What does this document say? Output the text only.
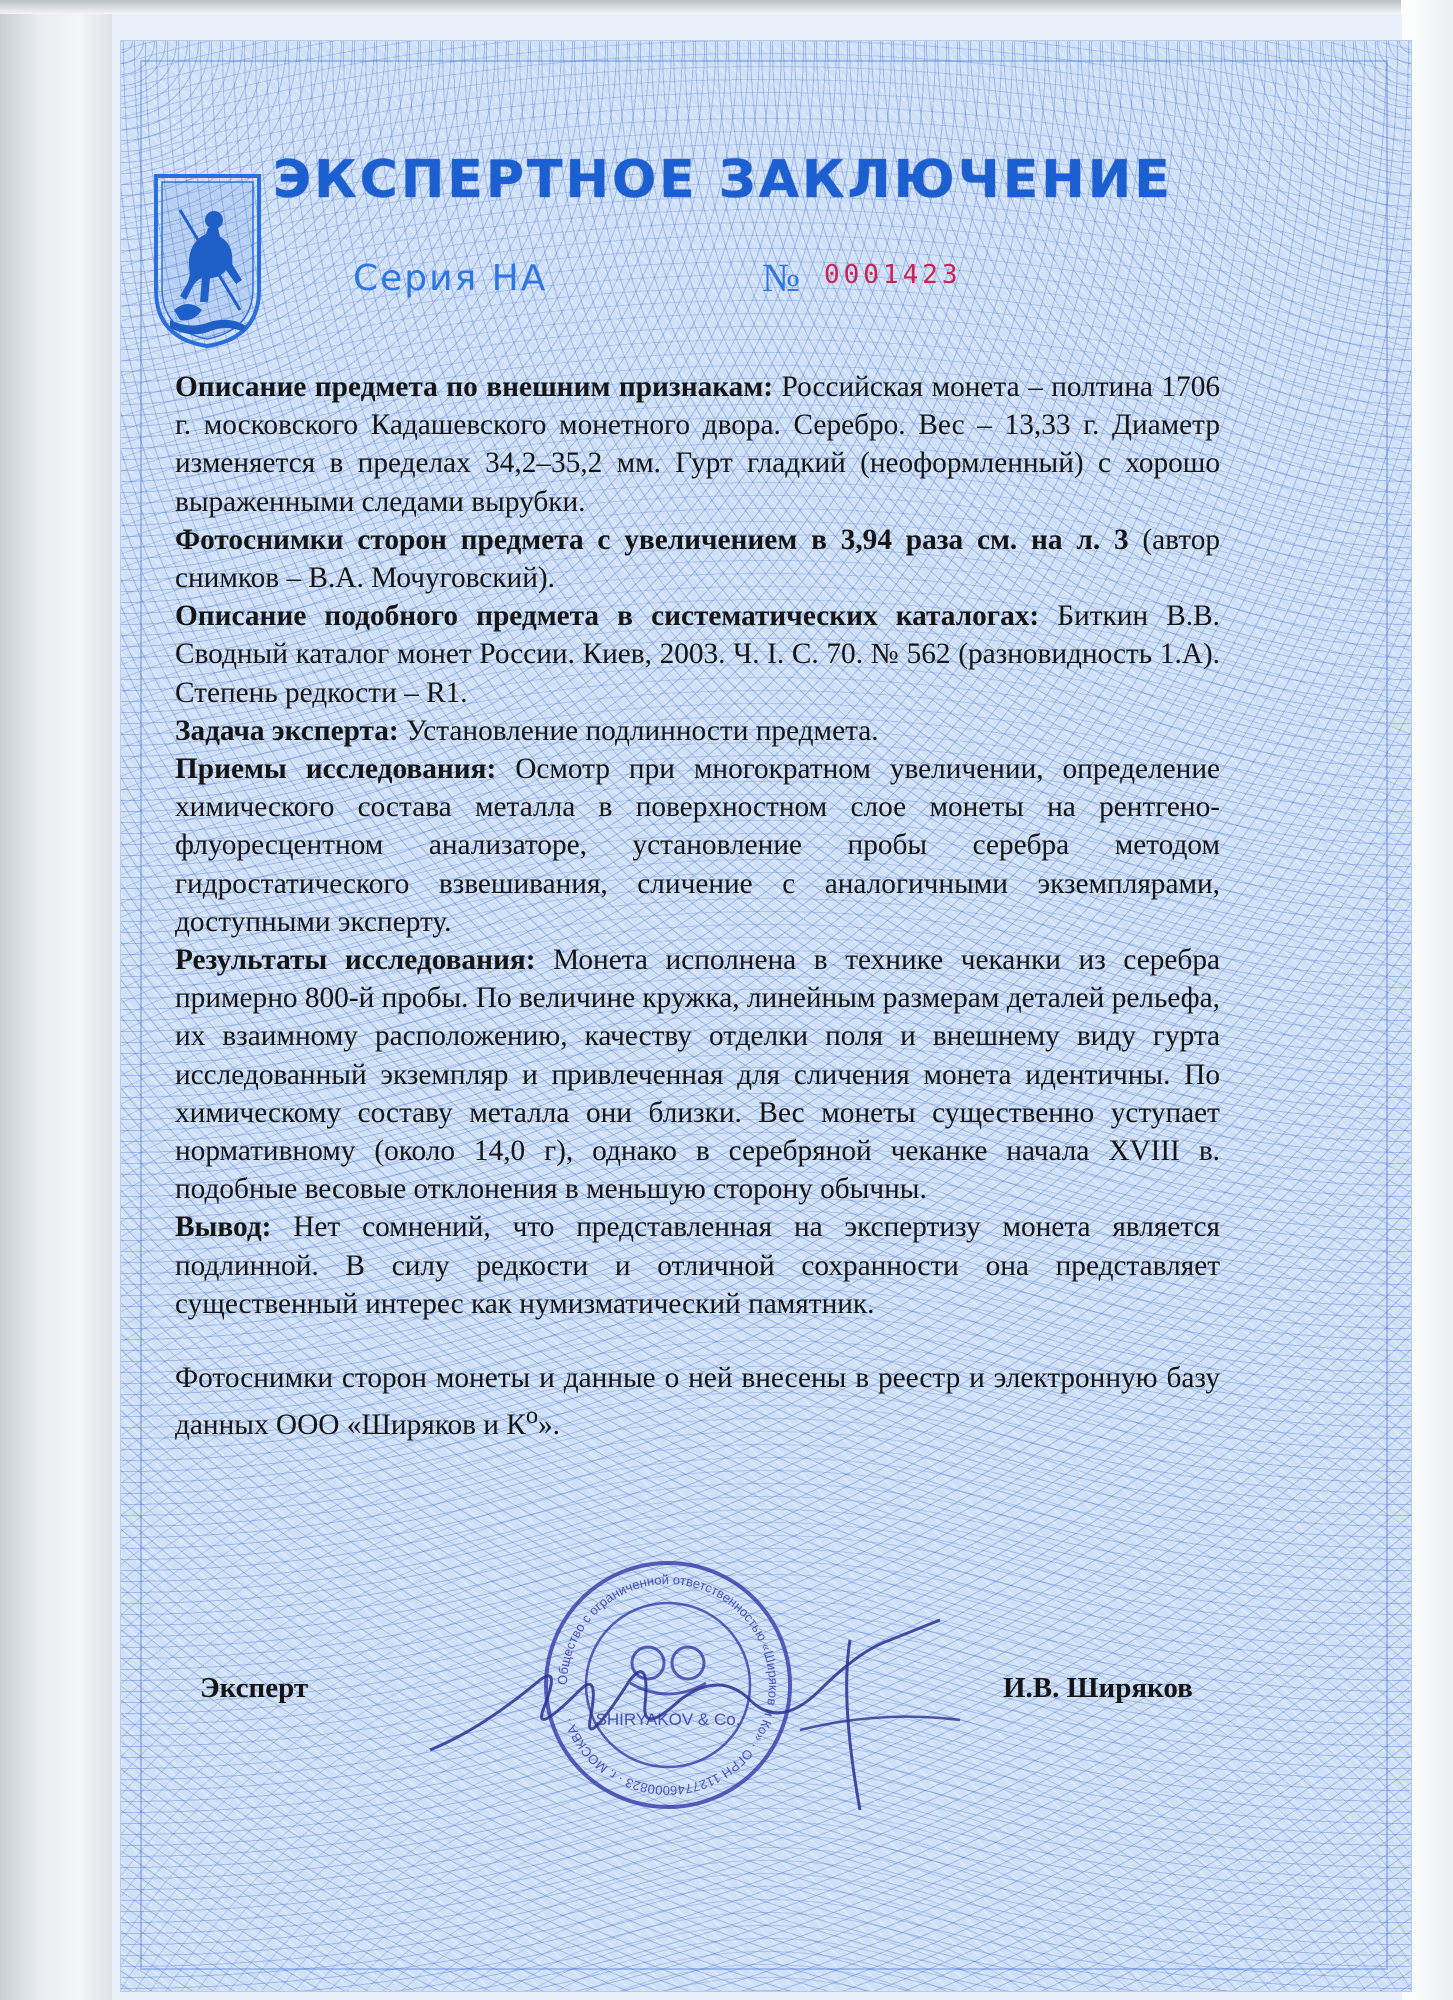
ЭКСПЕРТНОЕ ЗАКЛЮЧЕНИЕ
Серия НА	№ 0001423

Описание предмета по внешним признакам: Российская монета – полтина 1706 г. московского Кадашевского монетного двора. Серебро. Вес – 13,33 г. Диаметр изменяется в пределах 34,2–35,2 мм. Гурт гладкий (неоформленный) с хорошо выраженными следами вырубки.

Фотоснимки сторон предмета с увеличением в 3,94 раза см. на л. 3 (автор снимков – В.А. Мочуговский).

Описание подобного предмета в систематических каталогах: Биткин В.В. Сводный каталог монет России. Киев, 2003. Ч. I. С. 70. № 562 (разновидность 1.А). Степень редкости – R1.

Задача эксперта: Установление подлинности предмета.

Приемы исследования: Осмотр при многократном увеличении, определение химического состава металла в поверхностном слое монеты на рентгено-флуоресцентном анализаторе, установление пробы серебра методом гидростатического взвешивания, сличение с аналогичными экземплярами, доступными эксперту.

Результаты исследования: Монета исполнена в технике чеканки из серебра примерно 800-й пробы. По величине кружка, линейным размерам деталей рельефа, их взаимному расположению, качеству отделки поля и внешнему виду гурта исследованный экземпляр и привлеченная для сличения монета идентичны. По химическому составу металла они близки. Вес монеты существенно уступает нормативному (около 14,0 г), однако в серебряной чеканке начала XVIII в. подобные весовые отклонения в меньшую сторону обычны.

Вывод: Нет сомнений, что представленная на экспертизу монета является подлинной. В силу редкости и отличной сохранности она представляет существенный интерес как нумизматический памятник.

Фотоснимки сторон монеты и данные о ней внесены в реестр и электронную базу данных ООО «Ширяков и $К^о$».

Общество с ограниченной ответственностью «Ширяков и Ко» · ОГРН 1127746000823 · г. МОСКВА ·	SHIRYAKOV & Co.
Эксперт	И.В. Ширяков
